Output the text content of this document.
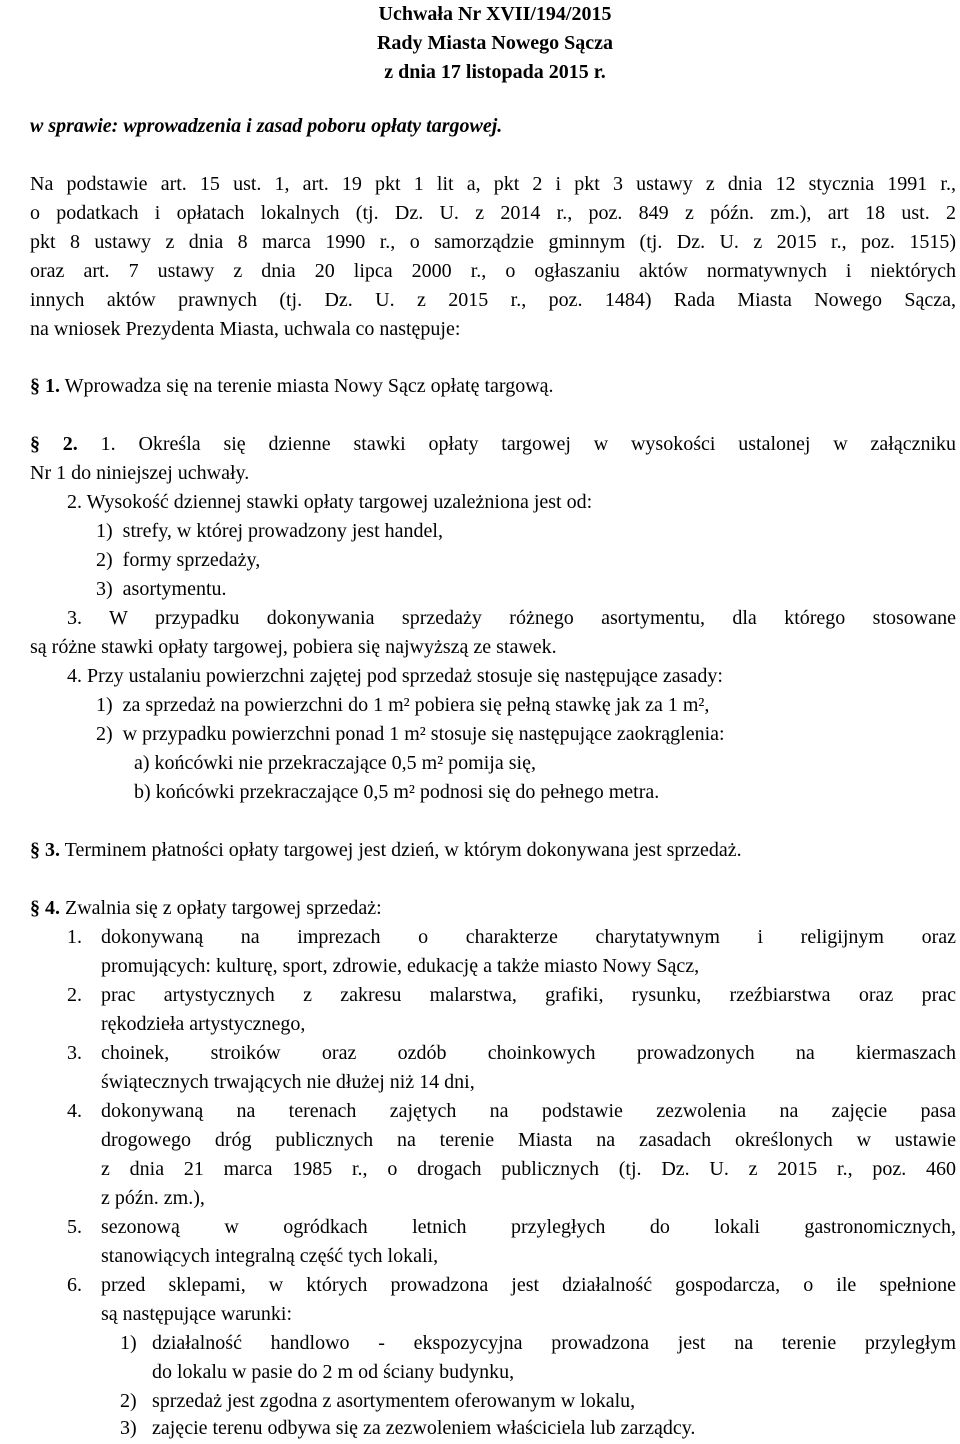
Uchwała Nr XVII/194/2015
Rady Miasta Nowego Sącza
z dnia 17 listopada 2015 r.
w sprawie: wprowadzenia i zasad poboru opłaty targowej.
Na podstawie art. 15 ust. 1, art. 19 pkt 1 lit a, pkt 2 i pkt 3 ustawy z dnia 12 stycznia 1991 r.,
o podatkach i opłatach lokalnych (tj. Dz. U. z 2014 r., poz. 849 z późn. zm.), art 18 ust. 2
pkt 8 ustawy z dnia 8 marca 1990 r., o samorządzie gminnym (tj. Dz. U. z 2015 r., poz. 1515)
oraz art. 7 ustawy z dnia 20 lipca 2000 r., o ogłaszaniu aktów normatywnych i niektórych
innych aktów prawnych (tj. Dz. U. z 2015 r., poz. 1484) Rada Miasta Nowego Sącza,
na wniosek Prezydenta Miasta, uchwala co następuje:
§ 1. Wprowadza się na terenie miasta Nowy Sącz opłatę targową.
§ 2. 1. Określa się dzienne stawki opłaty targowej w wysokości ustalonej w załączniku
Nr 1 do niniejszej uchwały.
2. Wysokość dziennej stawki opłaty targowej uzależniona jest od:
1) strefy, w której prowadzony jest handel,
2) formy sprzedaży,
3) asortymentu.
3. W przypadku dokonywania sprzedaży różnego asortymentu, dla którego stosowane
są różne stawki opłaty targowej, pobiera się najwyższą ze stawek.
4. Przy ustalaniu powierzchni zajętej pod sprzedaż stosuje się następujące zasady:
1) za sprzedaż na powierzchni do 1 m² pobiera się pełną stawkę jak za 1 m²,
2) w przypadku powierzchni ponad 1 m² stosuje się następujące zaokrąglenia:
a) końcówki nie przekraczające 0,5 m² pomija się,
b) końcówki przekraczające 0,5 m² podnosi się do pełnego metra.
§ 3. Terminem płatności opłaty targowej jest dzień, w którym dokonywana jest sprzedaż.
§ 4. Zwalnia się z opłaty targowej sprzedaż:
1. dokonywaną na imprezach o charakterze charytatywnym i religijnym oraz
promujących: kulturę, sport, zdrowie, edukację a także miasto Nowy Sącz,
2. prac artystycznych z zakresu malarstwa, grafiki, rysunku, rzeźbiarstwa oraz prac
rękodzieła artystycznego,
3. choinek, stroików oraz ozdób choinkowych prowadzonych na kiermaszach
świątecznych trwających nie dłużej niż 14 dni,
4. dokonywaną na terenach zajętych na podstawie zezwolenia na zajęcie pasa
drogowego dróg publicznych na terenie Miasta na zasadach określonych w ustawie
z dnia 21 marca 1985 r., o drogach publicznych (tj. Dz. U. z 2015 r., poz. 460
z późn. zm.),
5. sezonową w ogródkach letnich przyległych do lokali gastronomicznych,
stanowiących integralną część tych lokali,
6. przed sklepami, w których prowadzona jest działalność gospodarcza, o ile spełnione
są następujące warunki:
1) działalność handlowo - ekspozycyjna prowadzona jest na terenie przyległym
do lokalu w pasie do 2 m od ściany budynku,
2) sprzedaż jest zgodna z asortymentem oferowanym w lokalu,
3) zajęcie terenu odbywa się za zezwoleniem właściciela lub zarządcy.
